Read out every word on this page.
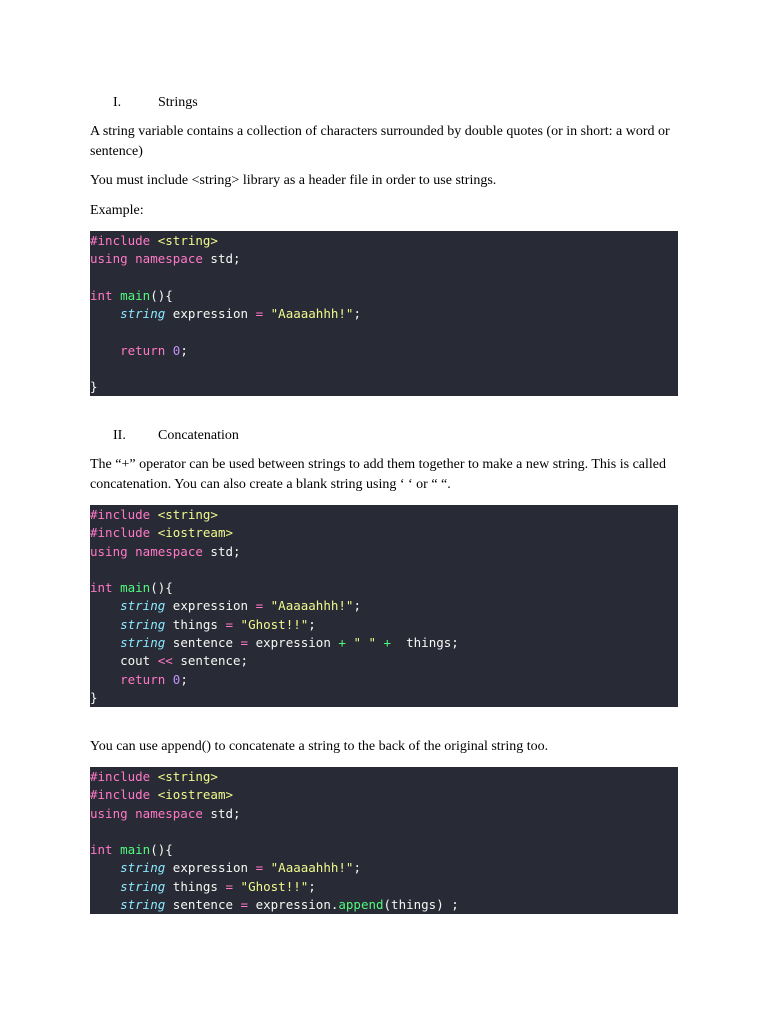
I.	Strings

A string variable contains a collection of characters surrounded by double quotes (or in short: a word or sentence)

You must include <string> library as a header file in order to use strings.

Example:

#include <string>
using namespace std;

int main(){
string expression = "Aaaaahhh!";

return 0;

}
II. Concatenation

The “+” operator can be used between strings to add them together to make a new string. This is called concatenation. You can also create a blank string using ‘ ‘ or “ “.

#include <string>
#include <iostream>
using namespace std;

int main(){
string expression = "Aaaaahhh!";
string things = "Ghost!!";
string sentence = expression + " " +  things;
cout << sentence;
return 0;
}

You can use append() to concatenate a string to the back of the original string too.

#include <string>
#include <iostream>
using namespace std;

int main(){
string expression = "Aaaaahhh!";
string things = "Ghost!!";
string sentence = expression.append(things) ;
